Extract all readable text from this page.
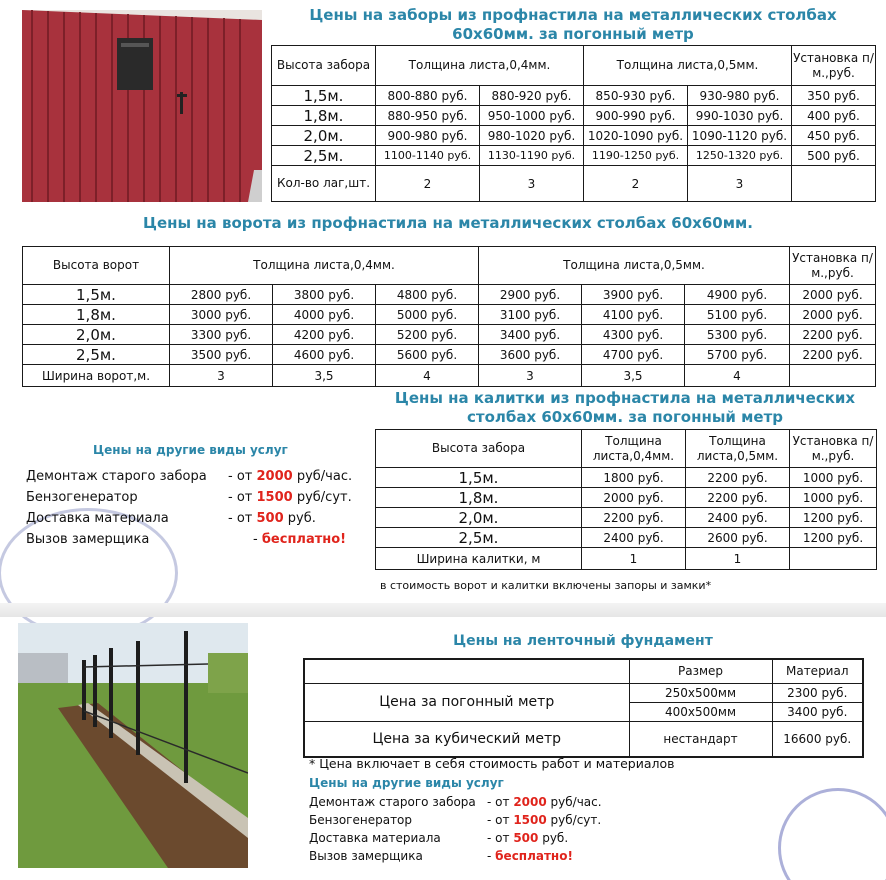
Цены на заборы из профнастила на металлических столбах
60х60мм. за погонный метр
Высота забора	Толщина листа,0,4мм.		Толщина листа,0,5мм.		Установка п/м.,руб.
1,5м.	800-880 руб.	880-920 руб.	850-930 руб.	930-980 руб.	350 руб.
1,8м.	880-950 руб.	950-1000 руб.	900-990 руб.	990-1030 руб.	400 руб.
2,0м.	900-980 руб.	980-1020 руб.	1020-1090 руб.	1090-1120 руб.	450 руб.
2,5м.	1100-1140 руб.	1130-1190 руб.	1190-1250 руб.	1250-1320 руб.	500 руб.
Кол-во лаг,шт.	2	3	2	3	
Цены на ворота из профнастила на металлических столбах 60х60мм.
Высота ворот	Толщина листа,0,4мм.			Толщина листа,0,5мм.			Установка п/м.,руб.
1,5м.	2800 руб.	3800 руб.	4800 руб.	2900 руб.	3900 руб.	4900 руб.	2000 руб.
1,8м.	3000 руб.	4000 руб.	5000 руб.	3100 руб.	4100 руб.	5100 руб.	2000 руб.
2,0м.	3300 руб.	4200 руб.	5200 руб.	3400 руб.	4300 руб.	5300 руб.	2200 руб.
2,5м.	3500 руб.	4600 руб.	5600 руб.	3600 руб.	4700 руб.	5700 руб.	2200 руб.
Ширина ворот,м.	3	3,5	4	3	3,5	4	
Цены на калитки из профнастила на металлических
столбах 60х60мм. за погонный метр
Высота забора	Толщина листа,0,4мм.	Толщина листа,0,5мм.	Установка п/м.,руб.
1,5м.	1800 руб.	2200 руб.	1000 руб.
1,8м.	2000 руб.	2200 руб.	1000 руб.
2,0м.	2200 руб.	2400 руб.	1200 руб.
2,5м.	2400 руб.	2600 руб.	1200 руб.
Ширина калитки, м	1	1	
в стоимость ворот и калитки включены запоры и замки*
Цены на другие виды услуг
Демонтаж старого забора - от 2000 руб/час.
Бензогенератор	- от 1500 руб/сут.
Доставка материала	- от 500 руб.
Вызов замерщика	- бесплатно!
Цены на ленточный фундамент
	Размер	Материал
Цена за погонный метр	250х500мм	2300 руб.
	400х500мм	3400 руб.
Цена за кубический метр	нестандарт	16600 руб.
* Цена включает в себя стоимость работ и материалов
Цены на другие виды услуг
Демонтаж старого забора - от 2000 руб/час.
Бензогенератор	- от 1500 руб/сут.
Доставка материала	- от 500 руб.
Вызов замерщика	- бесплатно!
